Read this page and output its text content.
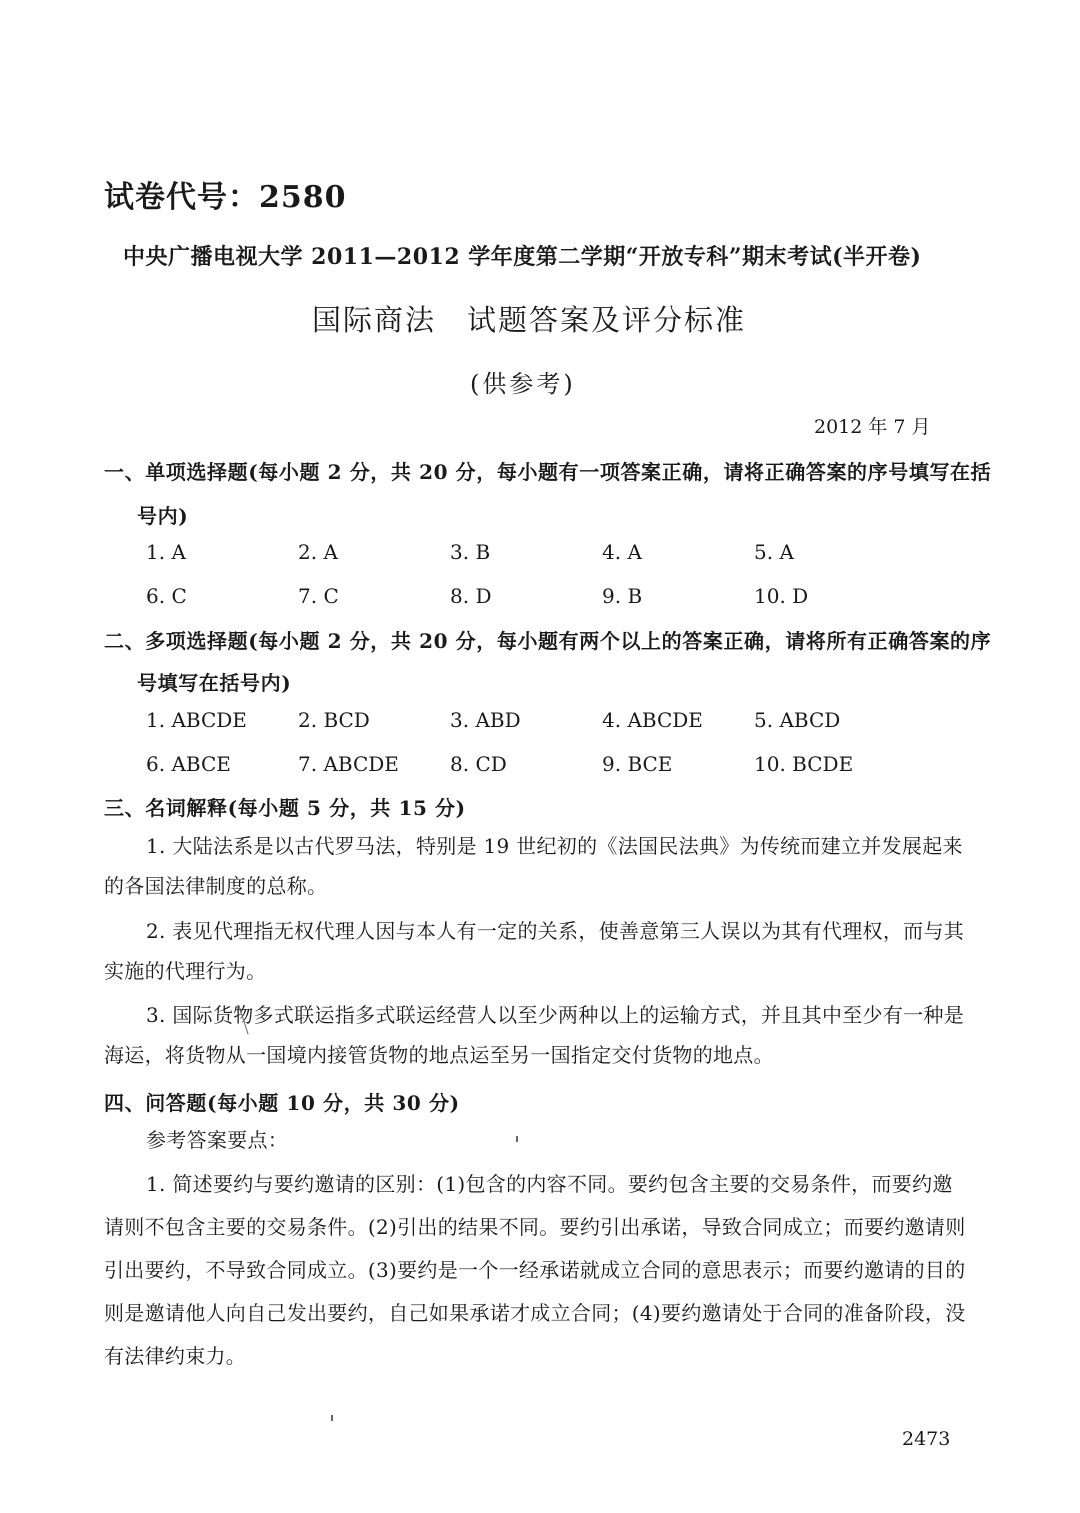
试卷代号：2580
中央广播电视大学 2011—2012 学年度第二学期“开放专科”期末考试(半开卷)
国际商法　试题答案及评分标准
(供参考)
2012 年 7 月
一、单项选择题(每小题 2 分，共 20 分，每小题有一项答案正确，请将正确答案的序号填写在括
号内)
1. A	2. A	3. B	4. A	5. A
6. C	7. C	8. D	9. B	10. D
二、多项选择题(每小题 2 分，共 20 分，每小题有两个以上的答案正确，请将所有正确答案的序
号填写在括号内)
1. ABCDE	2. BCD	3. ABD	4. ABCDE	5. ABCD
6. ABCE	7. ABCDE	8. CD	9. BCE	10. BCDE
三、名词解释(每小题 5 分，共 15 分)
1. 大陆法系是以古代罗马法，特别是 19 世纪初的《法国民法典》为传统而建立并发展起来的各国法律制度的总称。
2. 表见代理指无权代理人因与本人有一定的关系，使善意第三人误以为其有代理权，而与其实施的代理行为。
3. 国际货物多式联运指多式联运经营人以至少两种以上的运输方式，并且其中至少有一种是海运，将货物从一国境内接管货物的地点运至另一国指定交付货物的地点。
四、问答题(每小题 10 分，共 30 分)
参考答案要点：
1. 简述要约与要约邀请的区别：(1)包含的内容不同。要约包含主要的交易条件，而要约邀请则不包含主要的交易条件。(2)引出的结果不同。要约引出承诺，导致合同成立；而要约邀请则引出要约，不导致合同成立。(3)要约是一个一经承诺就成立合同的意思表示；而要约邀请的目的则是邀请他人向自己发出要约，自己如果承诺才成立合同；(4)要约邀请处于合同的准备阶段，没有法律约束力。
2473
